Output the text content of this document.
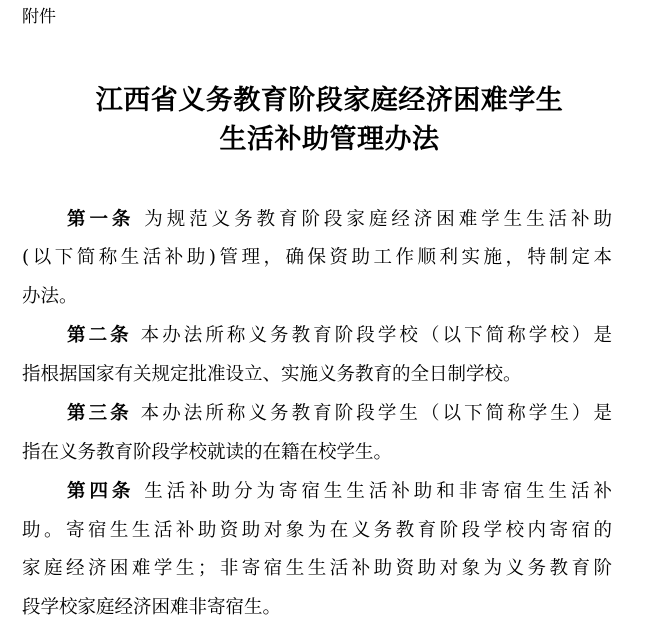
附件
江西省义务教育阶段家庭经济困难学生
生活补助管理办法
第一条 为规范义务教育阶段家庭经济困难学生生活补助
(以下简称生活补助)管理，确保资助工作顺利实施，特制定本
办法。
第二条 本办法所称义务教育阶段学校（以下简称学校）是
指根据国家有关规定批准设立、实施义务教育的全日制学校。
第三条 本办法所称义务教育阶段学生（以下简称学生）是
指在义务教育阶段学校就读的在籍在校学生。
第四条 生活补助分为寄宿生生活补助和非寄宿生生活补
助。寄宿生生活补助资助对象为在义务教育阶段学校内寄宿的
家庭经济困难学生；非寄宿生生活补助资助对象为义务教育阶
段学校家庭经济困难非寄宿生。
